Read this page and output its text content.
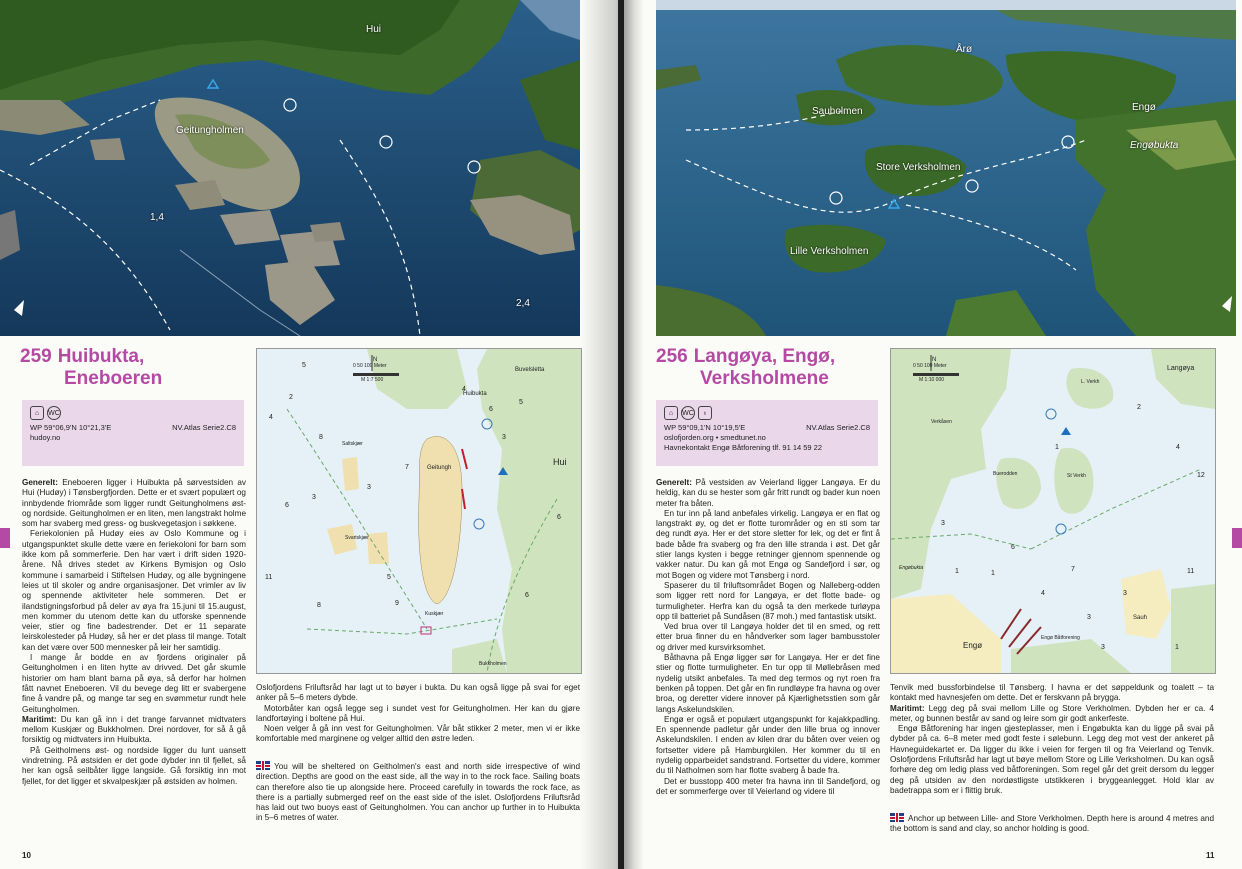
Hui
Geitungholmen
1,4
2,4
259 Huibukta,
Eneboeren
⌂	WC
WP 59°06,9'N 10°21,3'E	NV.Atlas Serie2.C8
hudoy.no

Generelt: Eneboeren ligger i Huibukta på sørvestsiden av Hui (Hudøy) i Tønsbergfjorden. Dette er et svært populært og innbydende friområde som ligger rundt Geitungholmens øst- og nordside. Geitungholmen er en liten, men langstrakt holme som har svaberg med gress- og buskvegetasjon i søkkene.

Feriekolonien på Hudøy eies av Oslo Kommune og i utgangspunktet skulle dette være en feriekoloni for barn som ikke kom på sommerferie. Den har vært i drift siden 1920-årene. Nå drives stedet av Kirkens Bymisjon og Oslo kommune i samarbeid i Stiftelsen Hudøy, og alle bygningene leies ut til skoler og andre organisasjoner. Det vrimler av liv og spennende aktiviteter hele sommeren. Det er ilandstigningsforbud på deler av øya fra 15.juni til 15.august, men kommer du utenom dette kan du utforske spennende veier, stier og fine badestrender. Det er 11 separate leirskolesteder på Hudøy, så her er det plass til mange. Totalt kan det være over 500 mennesker på leir her samtidig.

I mange år bodde en av fjordens originaler på Geitungholmen i en liten hytte av drivved. Det går skumle historier om ham blant barna på øya, så derfor har holmen fått navnet Eneboeren. Vil du bevege deg litt er svabergene fine å vandre på, og mange tar seg en svømmetur rundt hele Geitungholmen.

Maritimt: Du kan gå inn i det trange farvannet midtvaters mellom Kuskjær og Bukkholmen. Drei nordover, for så å gå forsiktig og midtvaters inn Huibukta.

På Geitholmens øst- og nordside ligger du lunt uansett vindretning. På østsiden er det gode dybder inn til fjellet, så her kan også seilbåter ligge langside. Gå forsiktig inn mot fjellet, for det ligger et skvalpeskjær på østsiden av holmen.

5
2
4
8
3
6
11
8	9
4
6
3
5
6
5
3
7
6
N
0 50 100 Meter
M 1:7 500
Huibukta
Buvelsletta
Hui
Saltskjær
Geitungh
Svartskjær
Kuskjær
Bukkholmen

Oslofjordens Friluftsråd har lagt ut to bøyer i bukta. Du kan også ligge på svai for eget anker på 5–6 meters dybde.

Motorbåter kan også legge seg i sundet vest for Geitungholmen. Her kan du gjøre landfortøying i boltene på Hui.

Noen velger å gå inn vest for Geitungholmen. Vår båt stikker 2 meter, men vi er ikke komfortable med marginene og velger alltid den østre leden.

You will be sheltered on Geitholmen's east and north side irrespective of wind direction. Depths are good on the east side, all the way in to the rock face. Sailing boats can therefore also tie up alongside here. Proceed carefully in towards the rock face, as there is a partially submerged reef on the east side of the islet. Oslofjordens Friluftsråd has laid out two buoys east of Geitungholmen. You can anchor up further in to Huibukta in 5–6 metres of water.

10
Årø
Sauholmen	Engø
Engøbukta
Store Verksholmen
Lille Verksholmen
256 Langøya, Engø,
Verksholmene
⌂	WC	♁
WP 59°09,1'N 10°19,5'E	NV.Atlas Serie2.C8
oslofjorden.org • smedtunet.no
Havnekontakt Engø Båtforening tlf. 91 14 59 22

Generelt: På vestsiden av Veierland ligger Langøya. Er du heldig, kan du se hester som går fritt rundt og bader kun noen meter fra båten.

En tur inn på land anbefales virkelig. Langøya er en flat og langstrakt øy, og det er flotte turområder og en sti som tar deg rundt øya. Her er det store sletter for lek, og det er fint å bade både fra svaberg og fra den lille stranda i øst. Det går stier langs kysten i begge retninger gjennom spennende og vakker natur. Du kan gå mot Engø og Sandefjord i sør, og mot Bogen og videre mot Tønsberg i nord.

Spaserer du til friluftsområdet Bogen og Nalleberg-odden som ligger rett nord for Langøya, er det flotte bade- og turmuligheter. Herfra kan du også ta den merkede turløypa opp til batteriet på Sundåsen (87 moh.) med fantastisk utsikt.

Ved brua over til Langøya holder det til en smed, og rett etter brua finner du en håndverker som lager bambusstoler og driver med kursvirksomhet.

Båthavna på Engø ligger sør for Langøya. Her er det fine stier og flotte turmuligheter. En tur opp til Møllebråsen med nydelig utsikt anbefales. Ta med deg termos og nyt roen fra benken på toppen. Det går en fin rundløype fra havna og over broa, og deretter videre innover på Kjærlighetsstien som går langs Askelundskilen.

Engø er også et populært utgangspunkt for kajakkpadling. En spennende padletur går under den lille brua og innover Askelundskilen. I enden av kilen drar du båten over veien og fortsetter videre på Hamburgkilen. Her kommer du til en nydelig opparbeidet sandstrand. Fortsetter du videre, kommer du til Natholmen som har flotte svaberg å bade fra.

Det er busstopp 400 meter fra havna inn til Sandefjord, og det er sommerferge over til Veierland og videre til

2
4
1
3
6
1
1	11
12
3
3	1
7
4
3
N
0 50 100 Meter
M 1:10 000
Langøya
L. Verkh
Verkåsen
Buerodden	St Verkh
Engøbukta
Engø
Sauh
Engø Båtforening

Tenvik med bussforbindelse til Tønsberg. I havna er det søppeldunk og toalett – ta kontakt med havnesjefen om dette. Det er ferskvann på brygga.

Maritimt: Legg deg på svai mellom Lille og Store Verkholmen. Dybden her er ca. 4 meter, og bunnen består av sand og leire som gir godt ankerfeste.

Engø Båtforening har ingen gjesteplasser, men i Engøbukta kan du ligge på svai på dybder på ca. 6–8 meter med godt feste i sølebunn. Legg deg mot vest der ankeret på Havneguidekartet er. Da ligger du ikke i veien for fergen til og fra Veierland og Tenvik. Oslofjordens Friluftsråd har lagt ut bøye mellom Store og Lille Verksholmen. Du kan også forhøre deg om ledig plass ved båtforeningen. Som regel går det greit dersom du legger deg på utsiden av den nordøstligste utstikkeren i bryggeanlegget. Hold klar av badetrappa som er i flittig bruk.

Anchor up between Lille- and Store Verkholmen. Depth here is around 4 metres and the bottom is sand and clay, so anchor holding is good.

11
